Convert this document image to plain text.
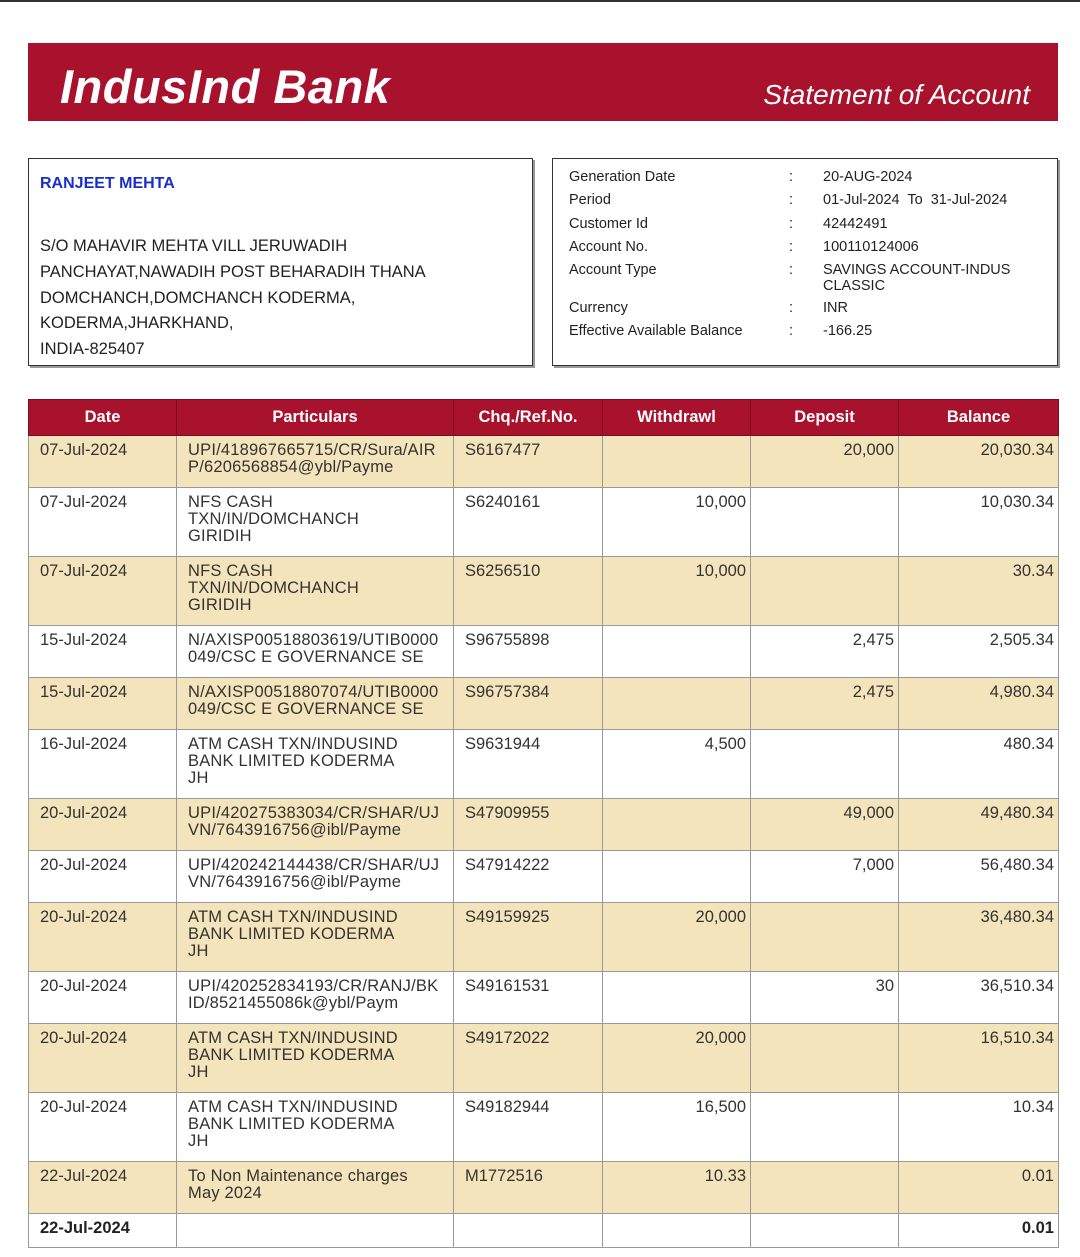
IndusInd Bank	Statement of Account
RANJEET MEHTA
S/O MAHAVIR MEHTA VILL JERUWADIH
PANCHAYAT,NAWADIH POST BEHARADIH THANA
DOMCHANCH,DOMCHANCH KODERMA,
KODERMA,JHARKHAND,
INDIA-825407
Generation Date	: 20-AUG-2024
Period	: 01-Jul-2024  To  31-Jul-2024
Customer Id	: 42442491
Account No.	: 100110124006
Account Type	: SAVINGS ACCOUNT-INDUS CLASSIC
Currency	: INR
Effective Available Balance	: -166.25
Date	Particulars	Chq./Ref.No.	Withdrawl	Deposit	Balance
07-Jul-2024	UPI/418967665715/CR/Sura/AIR
P/6206568854@ybl/Payme	S6167477		20,000	20,030.34
07-Jul-2024	NFS CASH
TXN/IN/DOMCHANCH
GIRIDIH	S6240161	10,000		10,030.34
07-Jul-2024	NFS CASH
TXN/IN/DOMCHANCH
GIRIDIH	S6256510	10,000		30.34
15-Jul-2024	N/AXISP00518803619/UTIB0000
049/CSC E GOVERNANCE SE	S96755898		2,475	2,505.34
15-Jul-2024	N/AXISP00518807074/UTIB0000
049/CSC E GOVERNANCE SE	S96757384		2,475	4,980.34
16-Jul-2024	ATM CASH TXN/INDUSIND
BANK LIMITED KODERMA
JH	S9631944	4,500		480.34
20-Jul-2024	UPI/420275383034/CR/SHAR/UJ
VN/7643916756@ibl/Payme	S47909955		49,000	49,480.34
20-Jul-2024	UPI/420242144438/CR/SHAR/UJ
VN/7643916756@ibl/Payme	S47914222		7,000	56,480.34
20-Jul-2024	ATM CASH TXN/INDUSIND
BANK LIMITED KODERMA
JH	S49159925	20,000		36,480.34
20-Jul-2024	UPI/420252834193/CR/RANJ/BK
ID/8521455086k@ybl/Paym	S49161531		30	36,510.34
20-Jul-2024	ATM CASH TXN/INDUSIND
BANK LIMITED KODERMA
JH	S49172022	20,000		16,510.34
20-Jul-2024	ATM CASH TXN/INDUSIND
BANK LIMITED KODERMA
JH	S49182944	16,500		10.34
22-Jul-2024	To Non Maintenance charges
May 2024	M1772516	10.33		0.01
22-Jul-2024					0.01
